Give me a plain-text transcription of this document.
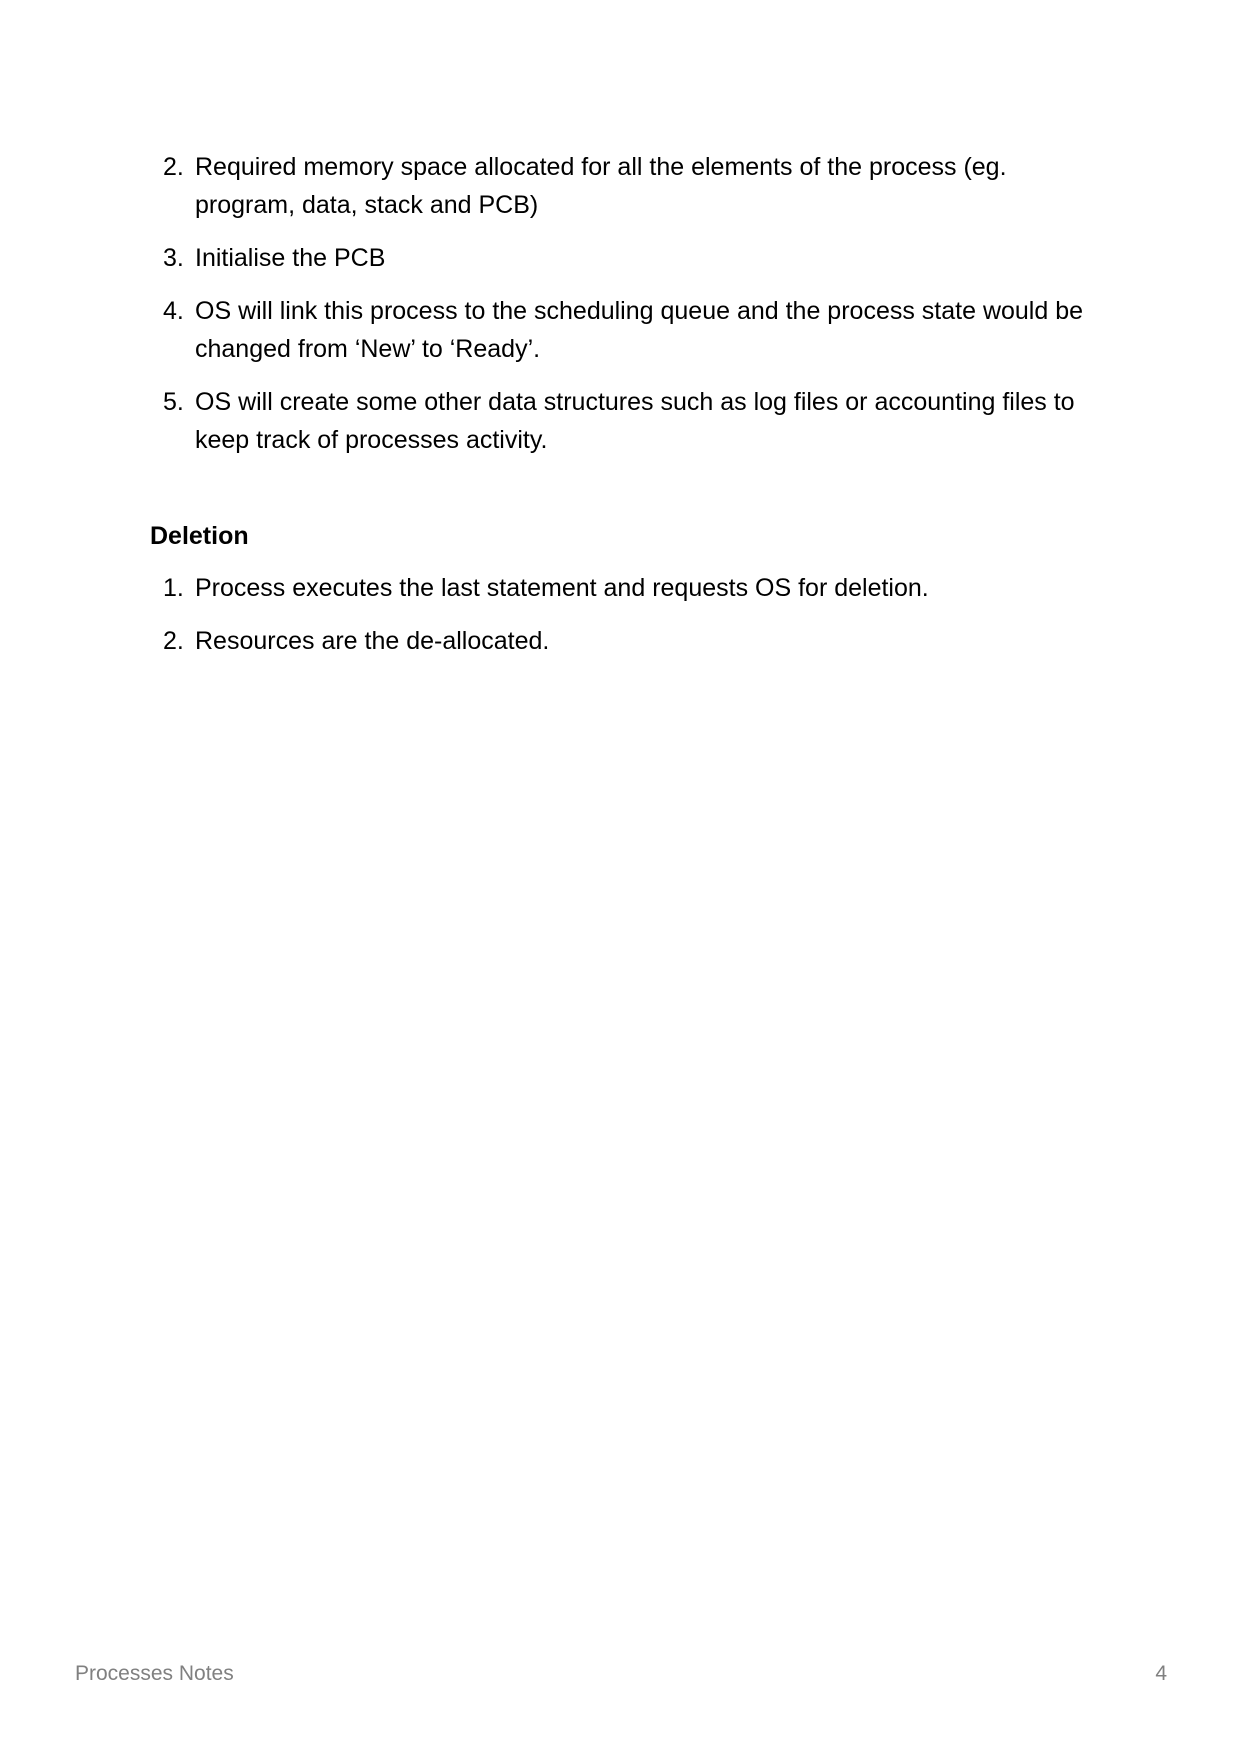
2. Required memory space allocated for all the elements of the process (eg. program, data, stack and PCB)
3. Initialise the PCB
4. OS will link this process to the scheduling queue and the process state would be changed from ‘New’ to ‘Ready’.
5. OS will create some other data structures such as log files or accounting files to keep track of processes activity.
Deletion
1. Process executes the last statement and requests OS for deletion.
2. Resources are the de-allocated.
Processes Notes	4
